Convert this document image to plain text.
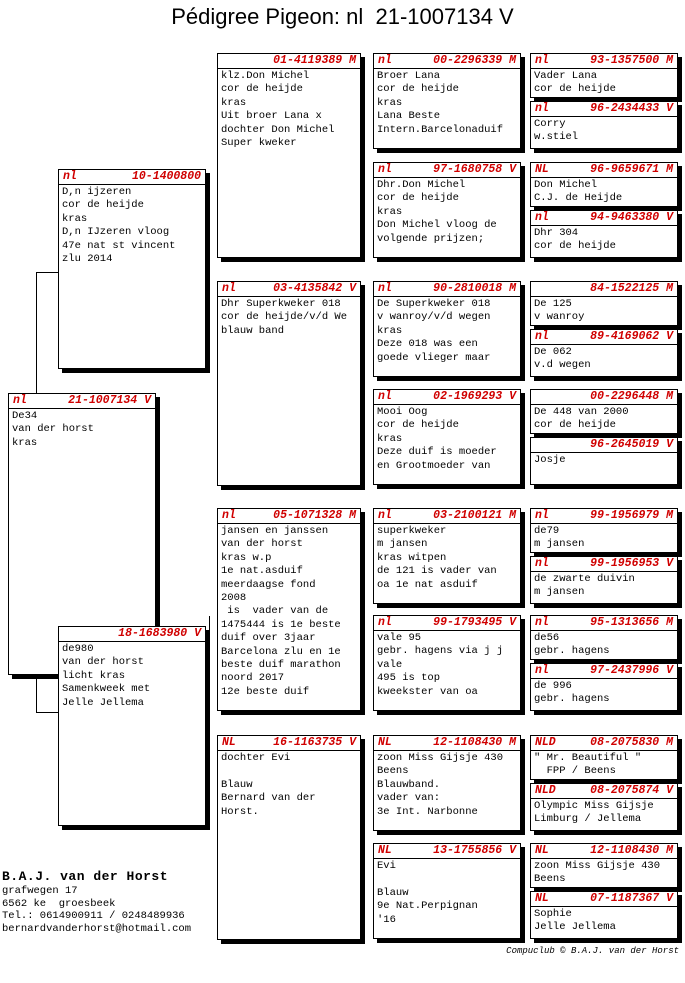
Pédigree Pigeon: nl  21-1007134 V
nl	21-1007134 V
De34
van der horst
kras
nl	10-1400800
D,n ijzeren
cor de heijde
kras
D,n IJzeren vloog
47e nat st vincent
zlu 2014
18-1683980 V
de980
van der horst
licht kras
Samenkweek met
Jelle Jellema
01-4119389 M
klz.Don Michel
cor de heijde
kras
Uit broer Lana x
dochter Don Michel
Super kweker
nl	03-4135842 V
Dhr Superkweker 018
cor de heijde/v/d We
blauw band
nl	05-1071328 M
jansen en janssen
van der horst
kras w.p
1e nat.asduif
meerdaagse fond
2008
is  vader van de
1475444 is 1e beste
duif over 3jaar
Barcelona zlu en 1e
beste duif marathon
noord 2017
12e beste duif
NL	16-1163735 V
dochter Evi
Blauw
Bernard van der
Horst.
nl	00-2296339 M
Broer Lana
cor de heijde
kras
Lana Beste
Intern.Barcelonaduif
nl	97-1680758 V
Dhr.Don Michel
cor de heijde
kras
Don Michel vloog de
volgende prijzen;
nl	90-2810018 M
De Superkweker 018
v wanroy/v/d wegen
kras
Deze 018 was een
goede vlieger maar
nl	02-1969293 V
Mooi Oog
cor de heijde
kras
Deze duif is moeder
en Grootmoeder van
nl	03-2100121 M
superkweker
m jansen
kras witpen
de 121 is vader van
oa 1e nat asduif
nl	99-1793495 V
vale 95
gebr. hagens via j j
vale
495 is top
kweekster van oa
NL	12-1108430 M
zoon Miss Gijsje 430
Beens
Blauwband.
vader van:
3e Int. Narbonne
NL	13-1755856 V
Evi
Blauw
9e Nat.Perpignan
'16
nl	93-1357500 M
Vader Lana
cor de heijde
nl	96-2434433 V
Corry
w.stiel
NL	96-9659671 M
Don Michel
C.J. de Heijde
nl	94-9463380 V
Dhr 304
cor de heijde
84-1522125 M
De 125
v wanroy
nl	89-4169062 V
De 062
v.d wegen
00-2296448 M
De 448 van 2000
cor de heijde
96-2645019 V
Josje
nl	99-1956979 M
de79
m jansen
nl	99-1956953 V
de zwarte duivin
m jansen
nl	95-1313656 M
de56
gebr. hagens
nl	97-2437996 V
de 996
gebr. hagens
NLD	08-2075830 M
" Mr. Beautiful "
FPP / Beens
NLD	08-2075874 V
Olympic Miss Gijsje
Limburg / Jellema
NL	12-1108430 M
zoon Miss Gijsje 430
Beens
NL	07-1187367 V
Sophie
Jelle Jellema
B.A.J. van der Horst
grafwegen 17
6562 ke  groesbeek
Tel.: 0614900911 / 0248489936
bernardvanderhorst@hotmail.com
Compuclub © B.A.J. van der Horst
